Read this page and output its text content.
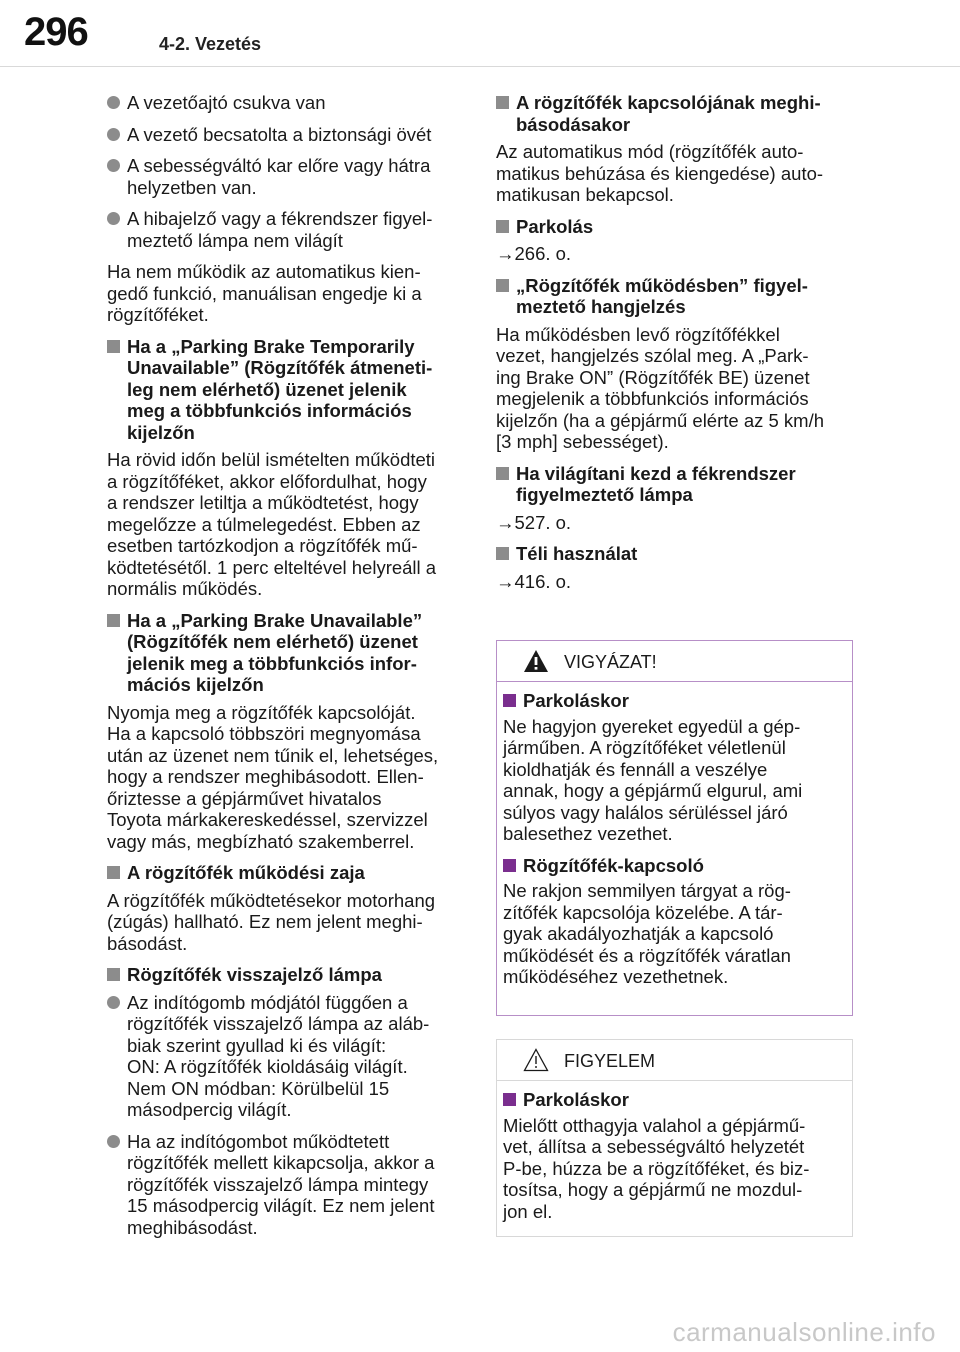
296	4-2. Vezetés
A vezetőajtó csukva van
A vezető becsatolta a biztonsági övét
A sebességváltó kar előre vagy hátra
helyzetben van.
A hibajelző vagy a fékrendszer figyel-
meztető lámpa nem világít
Ha nem működik az automatikus kien-
gedő funkció, manuálisan engedje ki a
rögzítőféket.
Ha a „Parking Brake Temporarily
Unavailable” (Rögzítőfék átmeneti-
leg nem elérhető) üzenet jelenik
meg a többfunkciós információs
kijelzőn
Ha rövid időn belül ismételten működteti
a rögzítőféket, akkor előfordulhat, hogy
a rendszer letiltja a működtetést, hogy
megelőzze a túlmelegedést. Ebben az
esetben tartózkodjon a rögzítőfék mű-
ködtetésétől. 1 perc elteltével helyreáll a
normális működés.
Ha a „Parking Brake Unavailable”
(Rögzítőfék nem elérhető) üzenet
jelenik meg a többfunkciós infor-
mációs kijelzőn
Nyomja meg a rögzítőfék kapcsolóját.
Ha a kapcsoló többszöri megnyomása
után az üzenet nem tűnik el, lehetséges,
hogy a rendszer meghibásodott. Ellen-
őriztesse a gépjárművet hivatalos
Toyota márkakereskedéssel, szervizzel
vagy más, megbízható szakemberrel.
A rögzítőfék működési zaja
A rögzítőfék működtetésekor motorhang
(zúgás) hallható. Ez nem jelent meghi-
básodást.
Rögzítőfék visszajelző lámpa
Az indítógomb módjától függően a
rögzítőfék visszajelző lámpa az aláb-
biak szerint gyullad ki és világít:
ON: A rögzítőfék kioldásáig világít.
Nem ON módban: Körülbelül 15
másodpercig világít.
Ha az indítógombot működtetett
rögzítőfék mellett kikapcsolja, akkor a
rögzítőfék visszajelző lámpa mintegy
15 másodpercig világít. Ez nem jelent
meghibásodást.
A rögzítőfék kapcsolójának meghi-
básodásakor
Az automatikus mód (rögzítőfék auto-
matikus behúzása és kiengedése) auto-
matikusan bekapcsol.
Parkolás
→266. o.
„Rögzítőfék működésben” figyel-
meztető hangjelzés
Ha működésben levő rögzítőfékkel
vezet, hangjelzés szólal meg. A „Park-
ing Brake ON” (Rögzítőfék BE) üzenet
megjelenik a többfunkciós információs
kijelzőn (ha a gépjármű elérte az 5 km/h
[3 mph] sebességet).
Ha világítani kezd a fékrendszer
figyelmeztető lámpa
→527. o.
Téli használat
→416. o.
VIGYÁZAT!
Parkoláskor
Ne hagyjon gyereket egyedül a gép-
járműben. A rögzítőféket véletlenül
kioldhatják és fennáll a veszélye
annak, hogy a gépjármű elgurul, ami
súlyos vagy halálos sérüléssel járó
balesethez vezethet.
Rögzítőfék-kapcsoló
Ne rakjon semmilyen tárgyat a rög-
zítőfék kapcsolója közelébe. A tár-
gyak akadályozhatják a kapcsoló
működését és a rögzítőfék váratlan
működéséhez vezethetnek.
FIGYELEM
Parkoláskor
Mielőtt otthagyja valahol a gépjármű-
vet, állítsa a sebességváltó helyzetét
P-be, húzza be a rögzítőféket, és biz-
tosítsa, hogy a gépjármű ne mozdul-
jon el.
carmanualsonline.info
